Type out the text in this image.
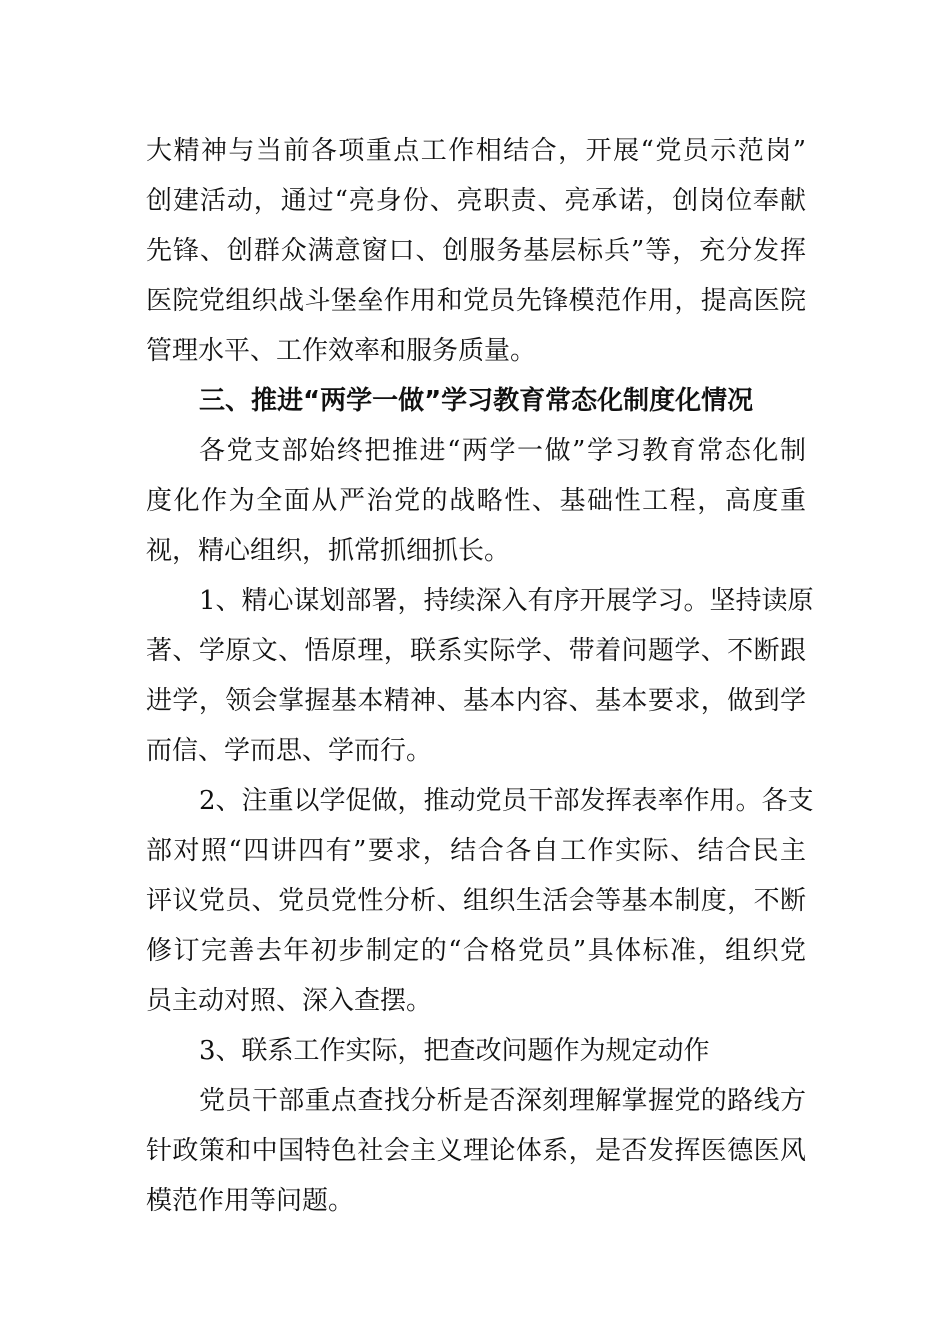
大精神与当前各项重点工作相结合，开展“党员示范岗”
创建活动，通过“亮身份、亮职责、亮承诺，创岗位奉献
先锋、创群众满意窗口、创服务基层标兵”等，充分发挥
医院党组织战斗堡垒作用和党员先锋模范作用，提高医院
管理水平、工作效率和服务质量。
三、推进“两学一做”学习教育常态化制度化情况
各党支部始终把推进“两学一做”学习教育常态化制
度化作为全面从严治党的战略性、基础性工程，高度重
视，精心组织，抓常抓细抓长。
1、精心谋划部署，持续深入有序开展学习。坚持读原
著、学原文、悟原理，联系实际学、带着问题学、不断跟
进学，领会掌握基本精神、基本内容、基本要求，做到学
而信、学而思、学而行。
2、注重以学促做，推动党员干部发挥表率作用。各支
部对照“四讲四有”要求，结合各自工作实际、结合民主
评议党员、党员党性分析、组织生活会等基本制度，不断
修订完善去年初步制定的“合格党员”具体标准，组织党
员主动对照、深入查摆。
3、联系工作实际，把查改问题作为规定动作
党员干部重点查找分析是否深刻理解掌握党的路线方
针政策和中国特色社会主义理论体系，是否发挥医德医风
模范作用等问题。
